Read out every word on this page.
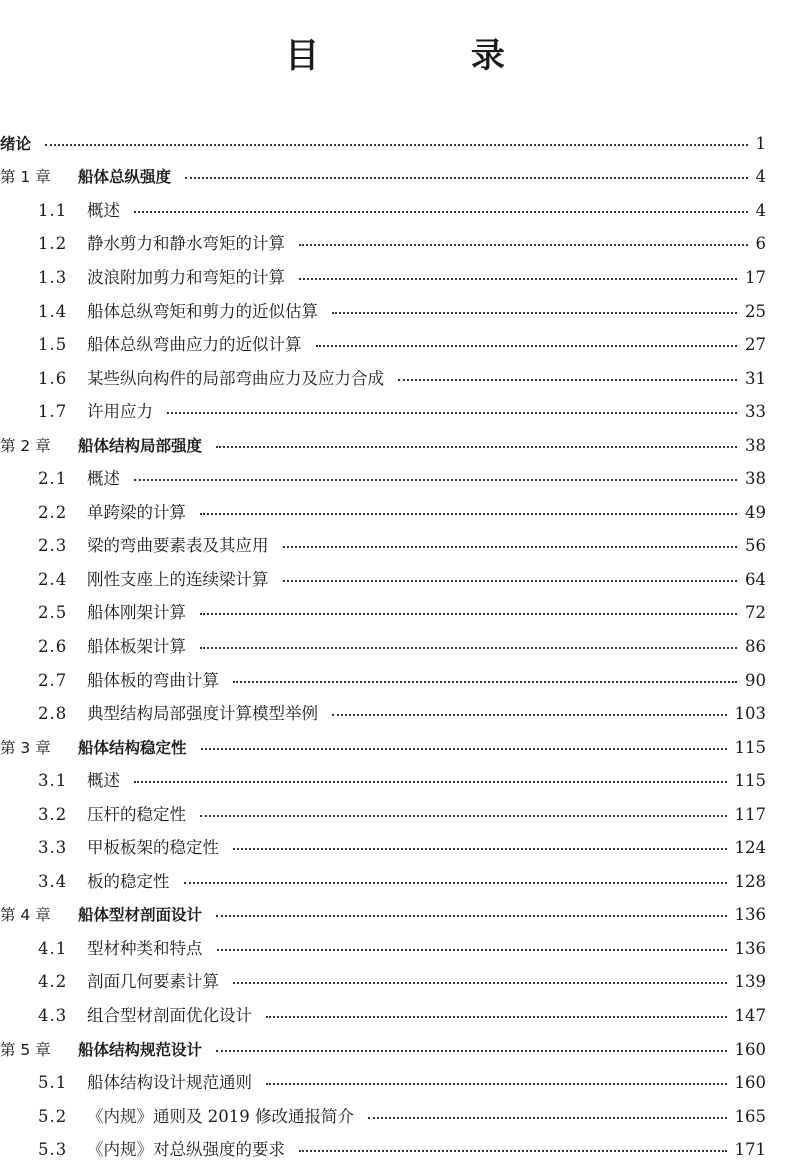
目 录
绪论	1
第 1 章	船体总纵强度	4
1.1	概述	4
1.2	静水剪力和静水弯矩的计算	6
1.3	波浪附加剪力和弯矩的计算	17
1.4	船体总纵弯矩和剪力的近似估算	25
1.5	船体总纵弯曲应力的近似计算	27
1.6	某些纵向构件的局部弯曲应力及应力合成	31
1.7	许用应力	33
第 2 章	船体结构局部强度	38
2.1	概述	38
2.2	单跨梁的计算	49
2.3	梁的弯曲要素表及其应用	56
2.4	刚性支座上的连续梁计算	64
2.5	船体刚架计算	72
2.6	船体板架计算	86
2.7	船体板的弯曲计算	90
2.8	典型结构局部强度计算模型举例	103
第 3 章	船体结构稳定性	115
3.1	概述	115
3.2	压杆的稳定性	117
3.3	甲板板架的稳定性	124
3.4	板的稳定性	128
第 4 章	船体型材剖面设计	136
4.1	型材种类和特点	136
4.2	剖面几何要素计算	139
4.3	组合型材剖面优化设计	147
第 5 章	船体结构规范设计	160
5.1	船体结构设计规范通则	160
5.2	《内规》通则及 2019 修改通报简介	165
5.3	《内规》对总纵强度的要求	171
